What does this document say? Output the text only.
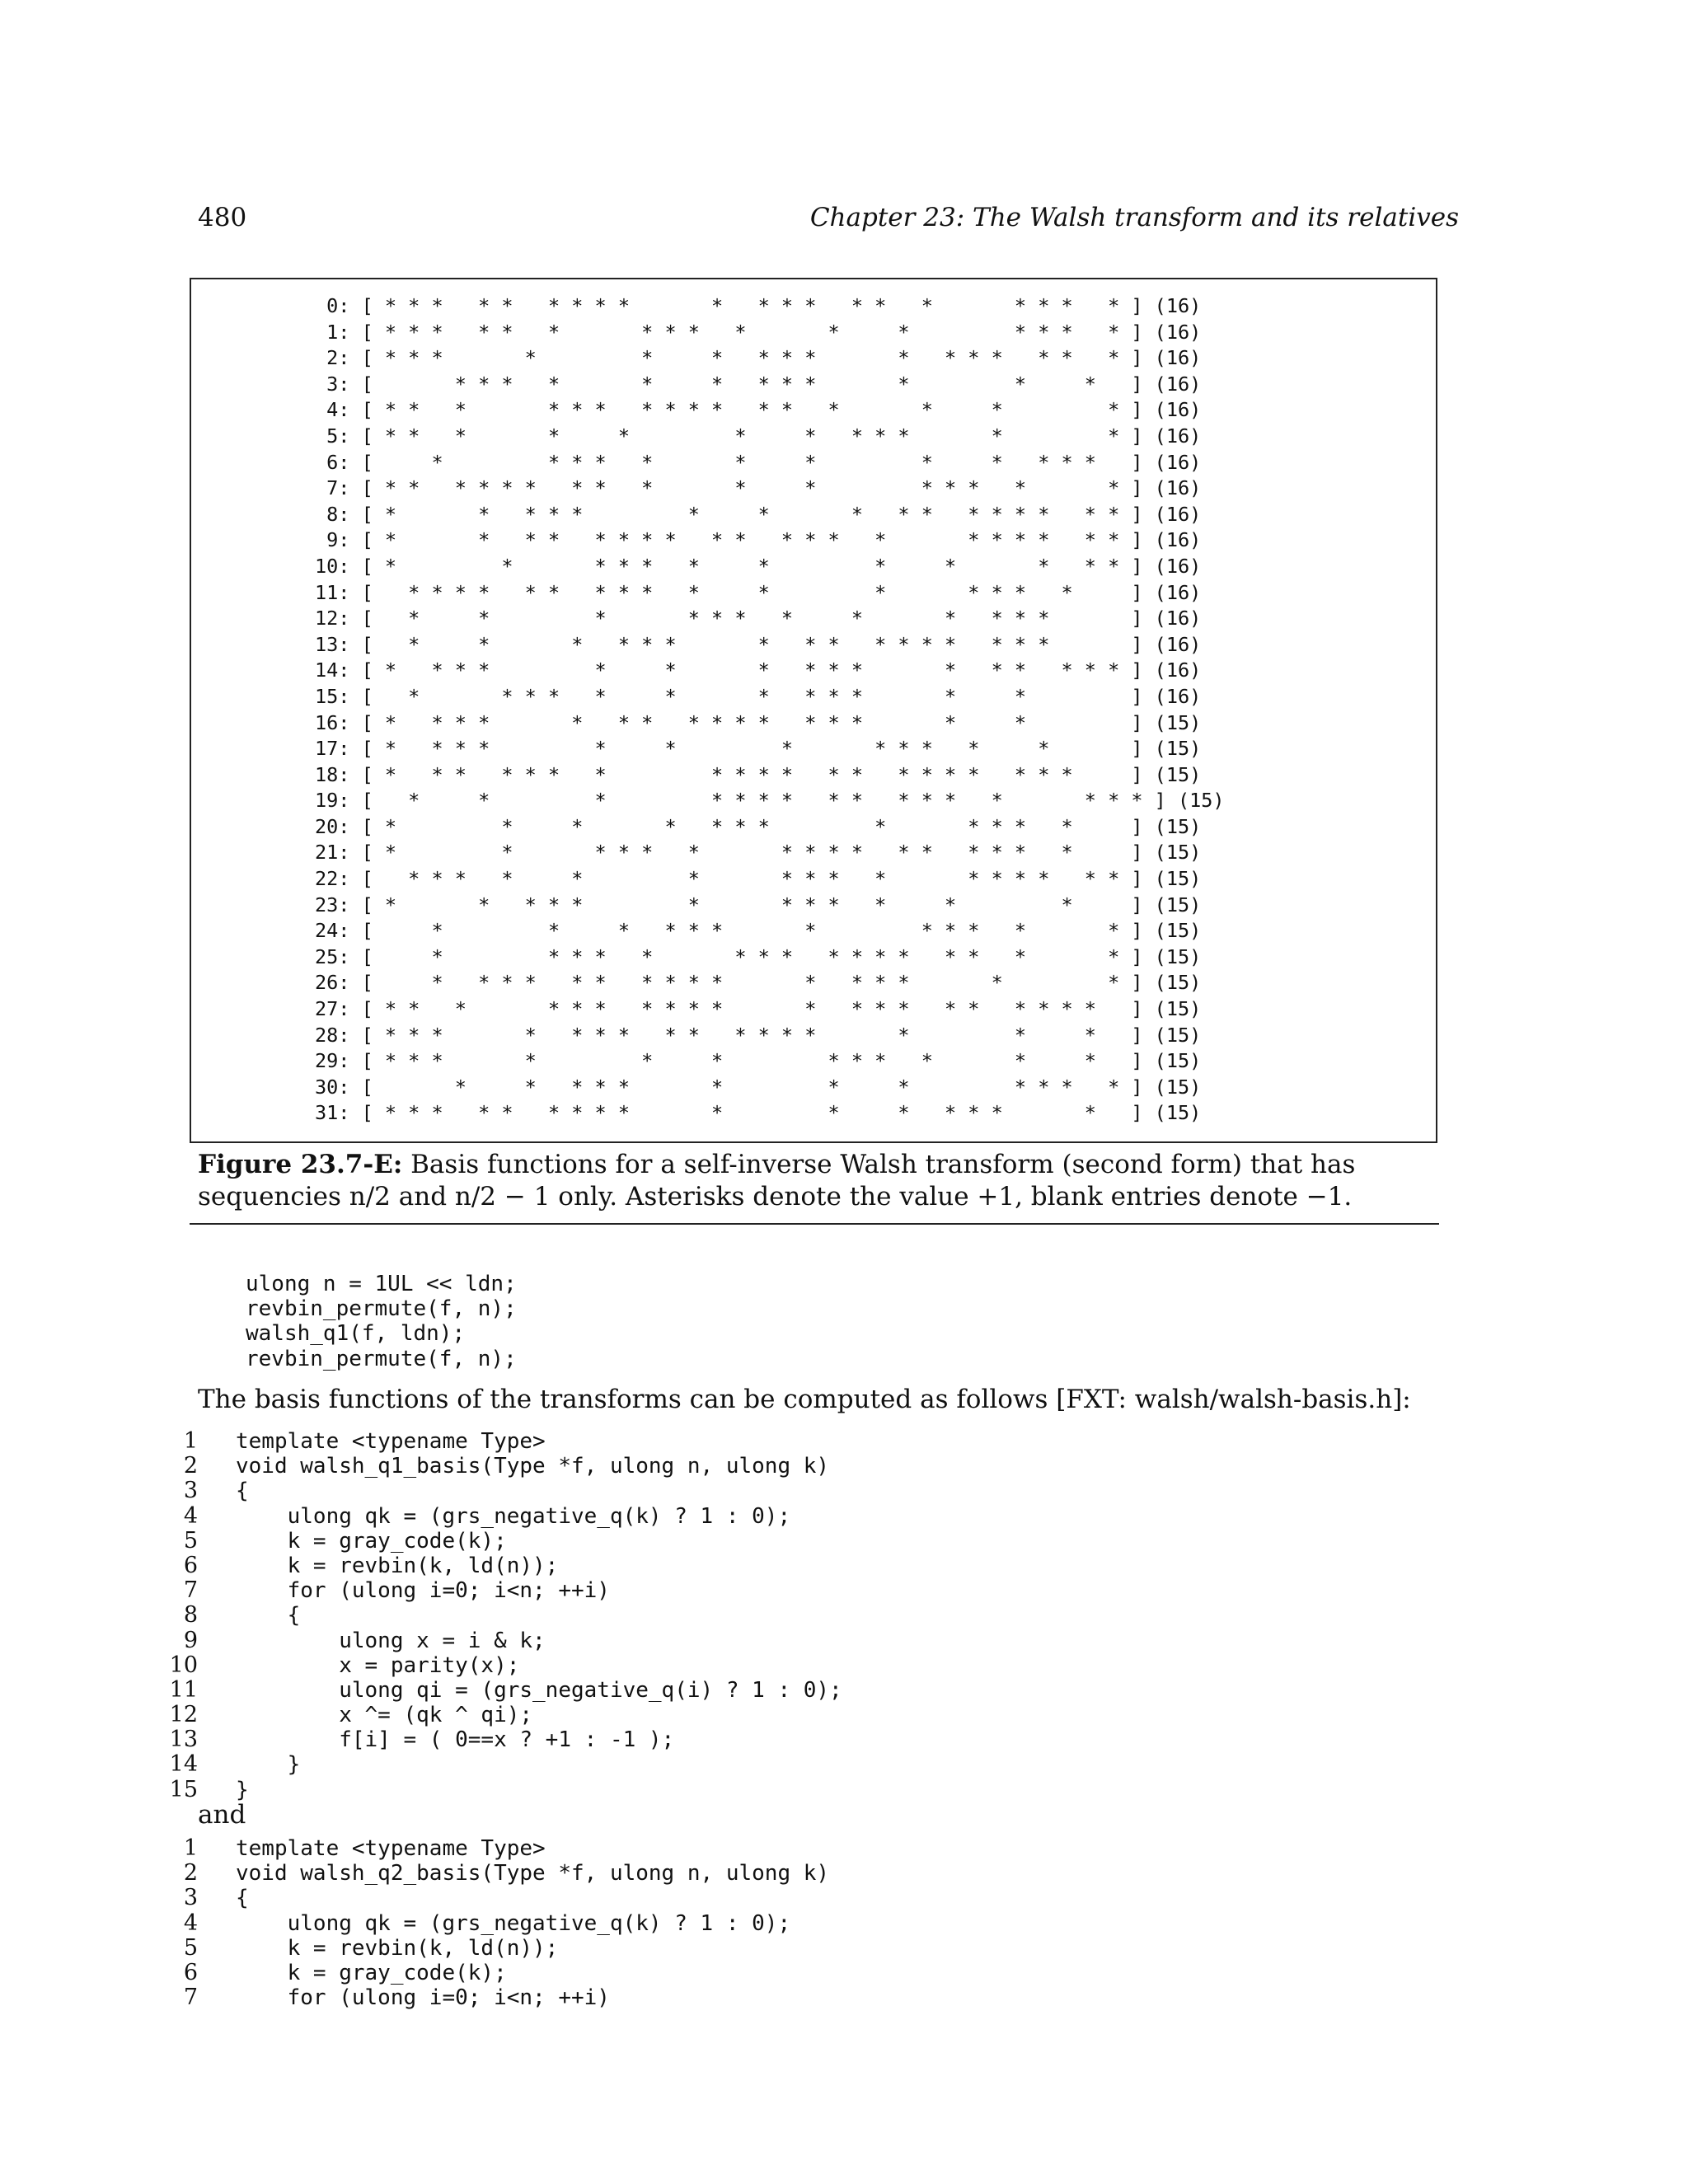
480	Chapter 23: The Walsh transform and its relatives
0: [ * * *   * *   * * * *       *   * * *   * *   *       * * *   * ] (16)
1: [ * * *   * *   *       * * *   *       *     *         * * *   * ] (16)
2: [ * * *       *         *     *   * * *       *   * * *   * *   * ] (16)
3: [       * * *   *       *     *   * * *       *         *     *   ] (16)
4: [ * *   *       * * *   * * * *   * *   *       *     *         * ] (16)
5: [ * *   *       *     *         *     *   * * *       *         * ] (16)
6: [     *         * * *   *       *     *         *     *   * * *   ] (16)
7: [ * *   * * * *   * *   *       *     *         * * *   *       * ] (16)
8: [ *       *   * * *         *     *       *   * *   * * * *   * * ] (16)
9: [ *       *   * *   * * * *   * *   * * *   *       * * * *   * * ] (16)
10: [ *         *       * * *   *     *         *     *       *   * * ] (16)
11: [   * * * *   * *   * * *   *     *         *       * * *   *     ] (16)
12: [   *     *         *       * * *   *     *       *   * * *       ] (16)
13: [   *     *       *   * * *       *   * *   * * * *   * * *       ] (16)
14: [ *   * * *         *     *       *   * * *       *   * *   * * * ] (16)
15: [   *       * * *   *     *       *   * * *       *     *         ] (16)
16: [ *   * * *       *   * *   * * * *   * * *       *     *         ] (15)
17: [ *   * * *         *     *         *       * * *   *     *       ] (15)
18: [ *   * *   * * *   *         * * * *   * *   * * * *   * * *     ] (15)
19: [   *     *         *         * * * *   * *   * * *   *       * * * ] (15)
20: [ *         *     *       *   * * *         *       * * *   *     ] (15)
21: [ *         *       * * *   *       * * * *   * *   * * *   *     ] (15)
22: [   * * *   *     *         *       * * *   *       * * * *   * * ] (15)
23: [ *       *   * * *         *       * * *   *     *         *     ] (15)
24: [     *         *     *   * * *       *         * * *   *       * ] (15)
25: [     *         * * *   *       * * *   * * * *   * *   *       * ] (15)
26: [     *   * * *   * *   * * * *       *   * * *       *         * ] (15)
27: [ * *   *       * * *   * * * *       *   * * *   * *   * * * *   ] (15)
28: [ * * *       *   * * *   * *   * * * *       *         *     *   ] (15)
29: [ * * *       *         *     *         * * *   *       *     *   ] (15)
30: [       *     *   * * *       *         *     *         * * *   * ] (15)
31: [ * * *   * *   * * * *       *         *     *   * * *       *   ] (15)
Figure 23.7-E: Basis functions for a self-inverse Walsh transform (second form) that has sequencies n/2 and n/2 − 1 only. Asterisks denote the value +1, blank entries denote −1.
ulong n = 1UL << ldn;
revbin_permute(f, n);
walsh_q1(f, ldn);
revbin_permute(f, n);
The basis functions of the transforms can be computed as follows [FXT: walsh/walsh-basis.h]:
1 template <typename Type>
2 void walsh_q1_basis(Type *f, ulong n, ulong k)
3 {
4 ulong qk = (grs_negative_q(k) ? 1 : 0);
5 k = gray_code(k);
6 k = revbin(k, ld(n));
7 for (ulong i=0; i<n; ++i)
8 {
9 ulong x = i & k;
10 x = parity(x);
11 ulong qi = (grs_negative_q(i) ? 1 : 0);
12 x ^= (qk ^ qi);
13 f[i] = ( 0==x ? +1 : -1 );
14 }
15 }
and
1 template <typename Type>
2 void walsh_q2_basis(Type *f, ulong n, ulong k)
3 {
4 ulong qk = (grs_negative_q(k) ? 1 : 0);
5 k = revbin(k, ld(n));
6 k = gray_code(k);
7 for (ulong i=0; i<n; ++i)
